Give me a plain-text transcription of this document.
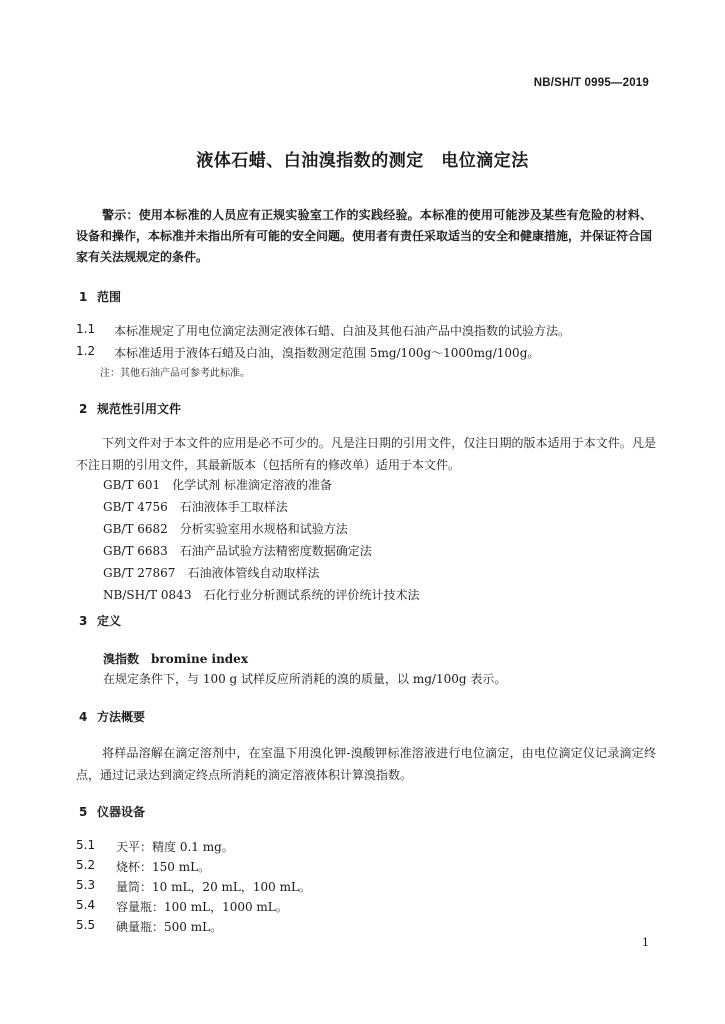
NB/SH/T 0995—2019
液体石蜡、白油溴指数的测定　电位滴定法
警示：使用本标准的人员应有正规实验室工作的实践经验。本标准的使用可能涉及某些有危险的材料、设备和操作，本标准并未指出所有可能的安全问题。使用者有责任采取适当的安全和健康措施，并保证符合国家有关法规规定的条件。
1 范围
1.1 本标准规定了用电位滴定法测定液体石蜡、白油及其他石油产品中溴指数的试验方法。
1.2 本标准适用于液体石蜡及白油，溴指数测定范围 5mg/100g～1000mg/100g。
注：其他石油产品可参考此标准。
2 规范性引用文件
下列文件对于本文件的应用是必不可少的。凡是注日期的引用文件，仅注日期的版本适用于本文件。凡是不注日期的引用文件，其最新版本（包括所有的修改单）适用于本文件。
GB/T 601　化学试剂 标准滴定溶液的准备
GB/T 4756　石油液体手工取样法
GB/T 6682　分析实验室用水规格和试验方法
GB/T 6683　石油产品试验方法精密度数据确定法
GB/T 27867　石油液体管线自动取样法
NB/SH/T 0843　石化行业分析测试系统的评价统计技术法
3 定义
溴指数　bromine index
在规定条件下，与 100 g 试样反应所消耗的溴的质量，以 mg/100g 表示。
4 方法概要
将样品溶解在滴定溶剂中，在室温下用溴化钾-溴酸钾标准溶液进行电位滴定，由电位滴定仪记录滴定终点，通过记录达到滴定终点所消耗的滴定溶液体积计算溴指数。
5 仪器设备
5.1 天平：精度 0.1 mg。
5.2 烧杯：150 mL。
5.3 量筒：10 mL，20 mL，100 mL。
5.4 容量瓶：100 mL，1000 mL。
5.5 碘量瓶：500 mL。
1
